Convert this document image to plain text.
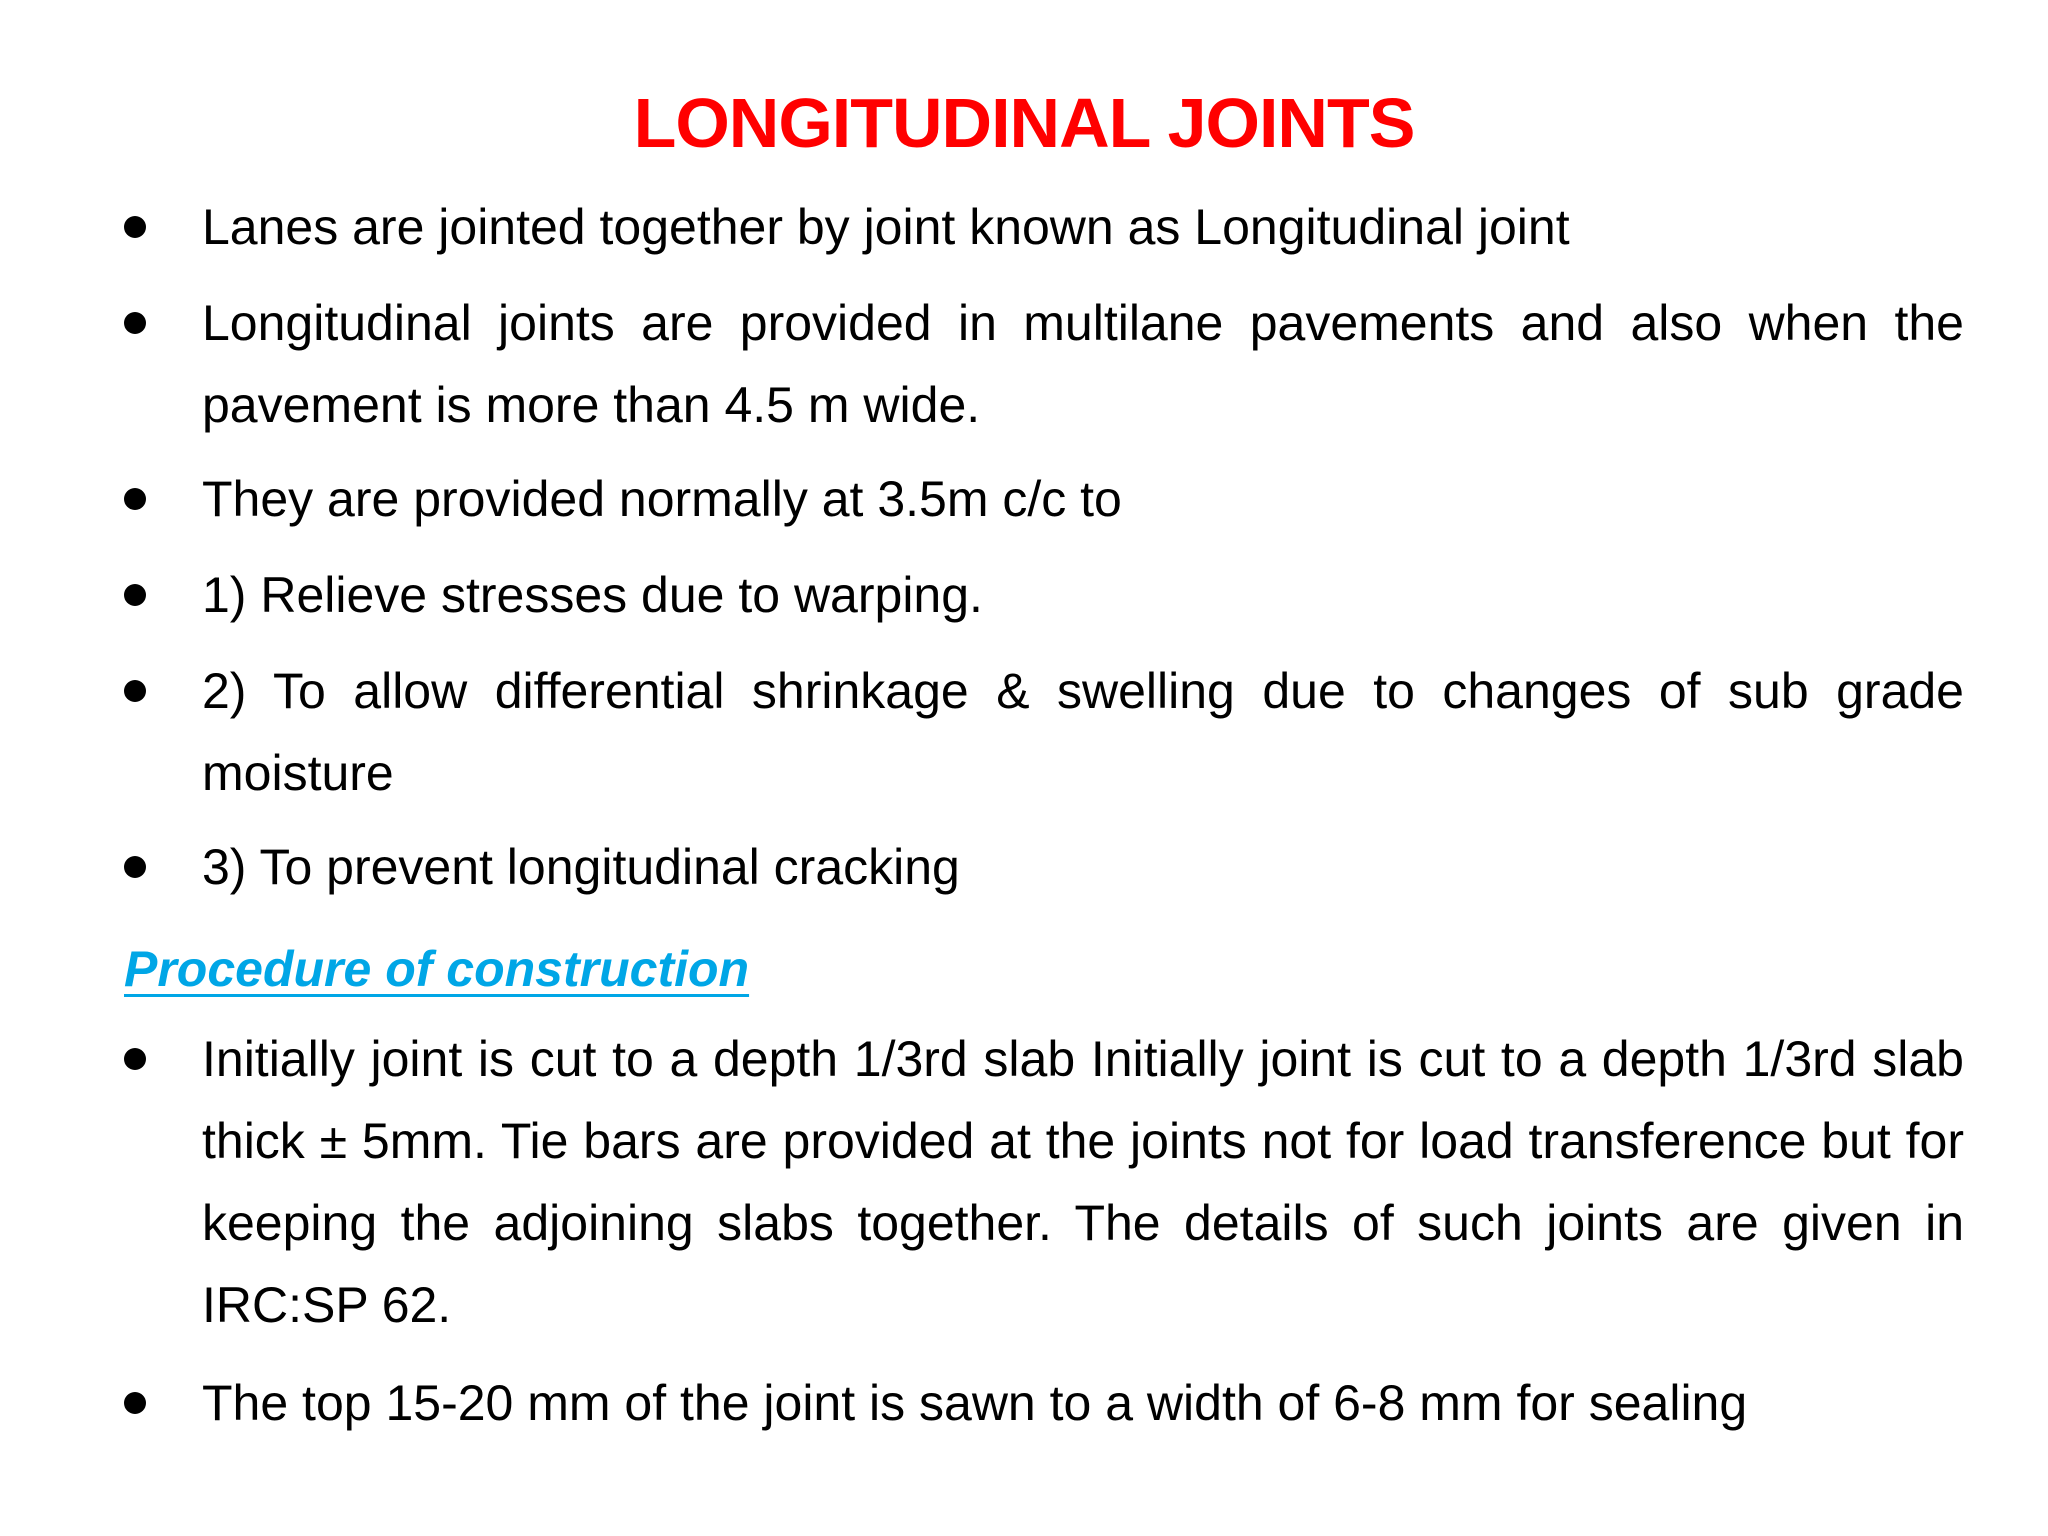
LONGITUDINAL JOINTS
Lanes are jointed together by joint known as Longitudinal joint
Longitudinal joints are provided in multilane pavements and also when the pavement is more than 4.5 m wide.
They are provided normally at 3.5m c/c to
1) Relieve stresses due to warping.
2) To allow differential shrinkage & swelling due to changes of sub grade moisture
3) To prevent longitudinal cracking
Procedure of construction
Initially joint is cut to a depth 1/3rd slab Initially joint is cut to a depth 1/3rd slab thick ± 5mm. Tie bars are provided at the joints not for load transference but for keeping the adjoining slabs together. The details of such joints are given in IRC:SP 62.
The top 15-20 mm of the joint is sawn to a width of 6-8 mm for sealing
